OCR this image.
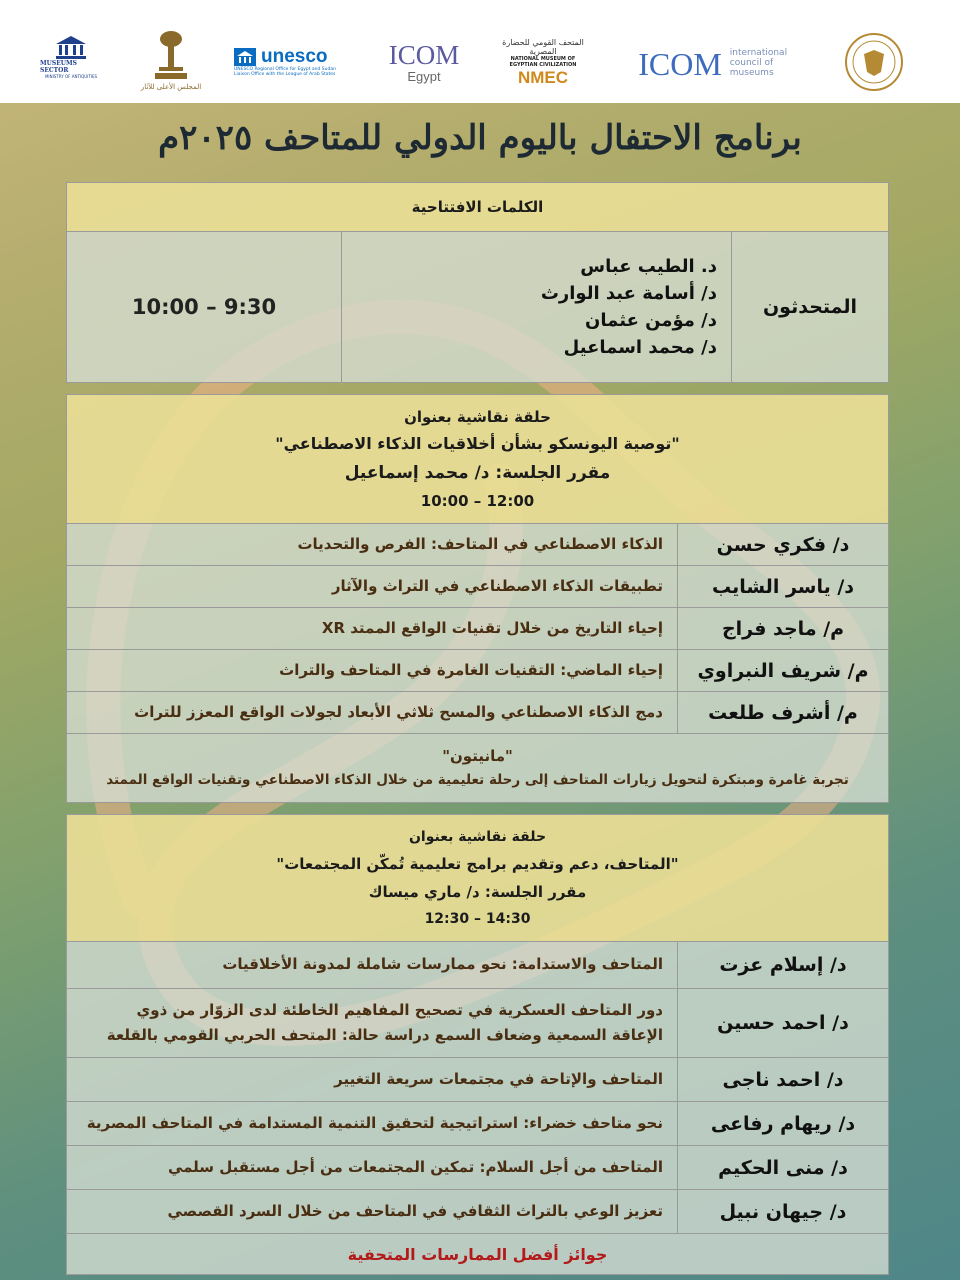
MUSEUMS SECTOR
MINISTRY OF ANTIQUITIES
المجلس الأعلى للآثار
unesco
UNESCO Regional Office for Egypt and Sudan Liaison Office with the League of Arab States
ICOM
Egypt
المتحف القومي للحضارة المصرية
NATIONAL MUSEUM OF EGYPTIAN CIVILIZATION
NMEC ICOM international council of museums
برنامج الاحتفال باليوم الدولي للمتاحف ٢٠٢٥م
الكلمات الافتتاحية
المتحدثون
د. الطيب عباس
د/ أسامة عبد الوارث
د/ مؤمن عثمان
د/ محمد اسماعيل
10:00 – 9:30
حلقة نقاشية بعنوان
"توصية اليونسكو بشأن أخلاقيات الذكاء الاصطناعي"
مقرر الجلسة: د/ محمد إسماعيل
10:00 – 12:00
د/ فكري حسن
الذكاء الاصطناعي في المتاحف: الفرص والتحديات
د/ ياسر الشايب
تطبيقات الذكاء الاصطناعي في التراث والآثار
م/ ماجد فراج
إحياء التاريخ من خلال تقنيات الواقع الممتد XR
م/ شريف النبراوي
إحياء الماضي: التقنيات الغامرة في المتاحف والتراث
م/ أشرف طلعت
دمج الذكاء الاصطناعي والمسح ثلاثي الأبعاد لجولات الواقع المعزز للتراث
"مانيتون"
تجربة غامرة ومبتكرة لتحويل زيارات المتاحف إلى رحلة تعليمية من خلال الذكاء الاصطناعي وتقنيات الواقع الممتد
حلقة نقاشية بعنوان
"المتاحف، دعم وتقديم برامج تعليمية تُمكّن المجتمعات"
مقرر الجلسة: د/ ماري ميساك
12:30 – 14:30
د/ إسلام عزت
المتاحف والاستدامة: نحو ممارسات شاملة لمدونة الأخلاقيات
د/ احمد حسين
دور المتاحف العسكرية في تصحيح المفاهيم الخاطئة لدى الزوّار من ذوي الإعاقة السمعية وضعاف السمع دراسة حالة: المتحف الحربي القومي بالقلعة
د/ احمد ناجى
المتاحف والإتاحة في مجتمعات سريعة التغيير
د/ ريهام رفاعى
نحو متاحف خضراء: استراتيجية لتحقيق التنمية المستدامة في المتاحف المصرية
د/ منى الحكيم
المتاحف من أجل السلام: تمكين المجتمعات من أجل مستقبل سلمي
د/ جيهان نبيل
تعزيز الوعي بالتراث الثقافي في المتاحف من خلال السرد القصصي
جوائز أفضل الممارسات المتحفية
